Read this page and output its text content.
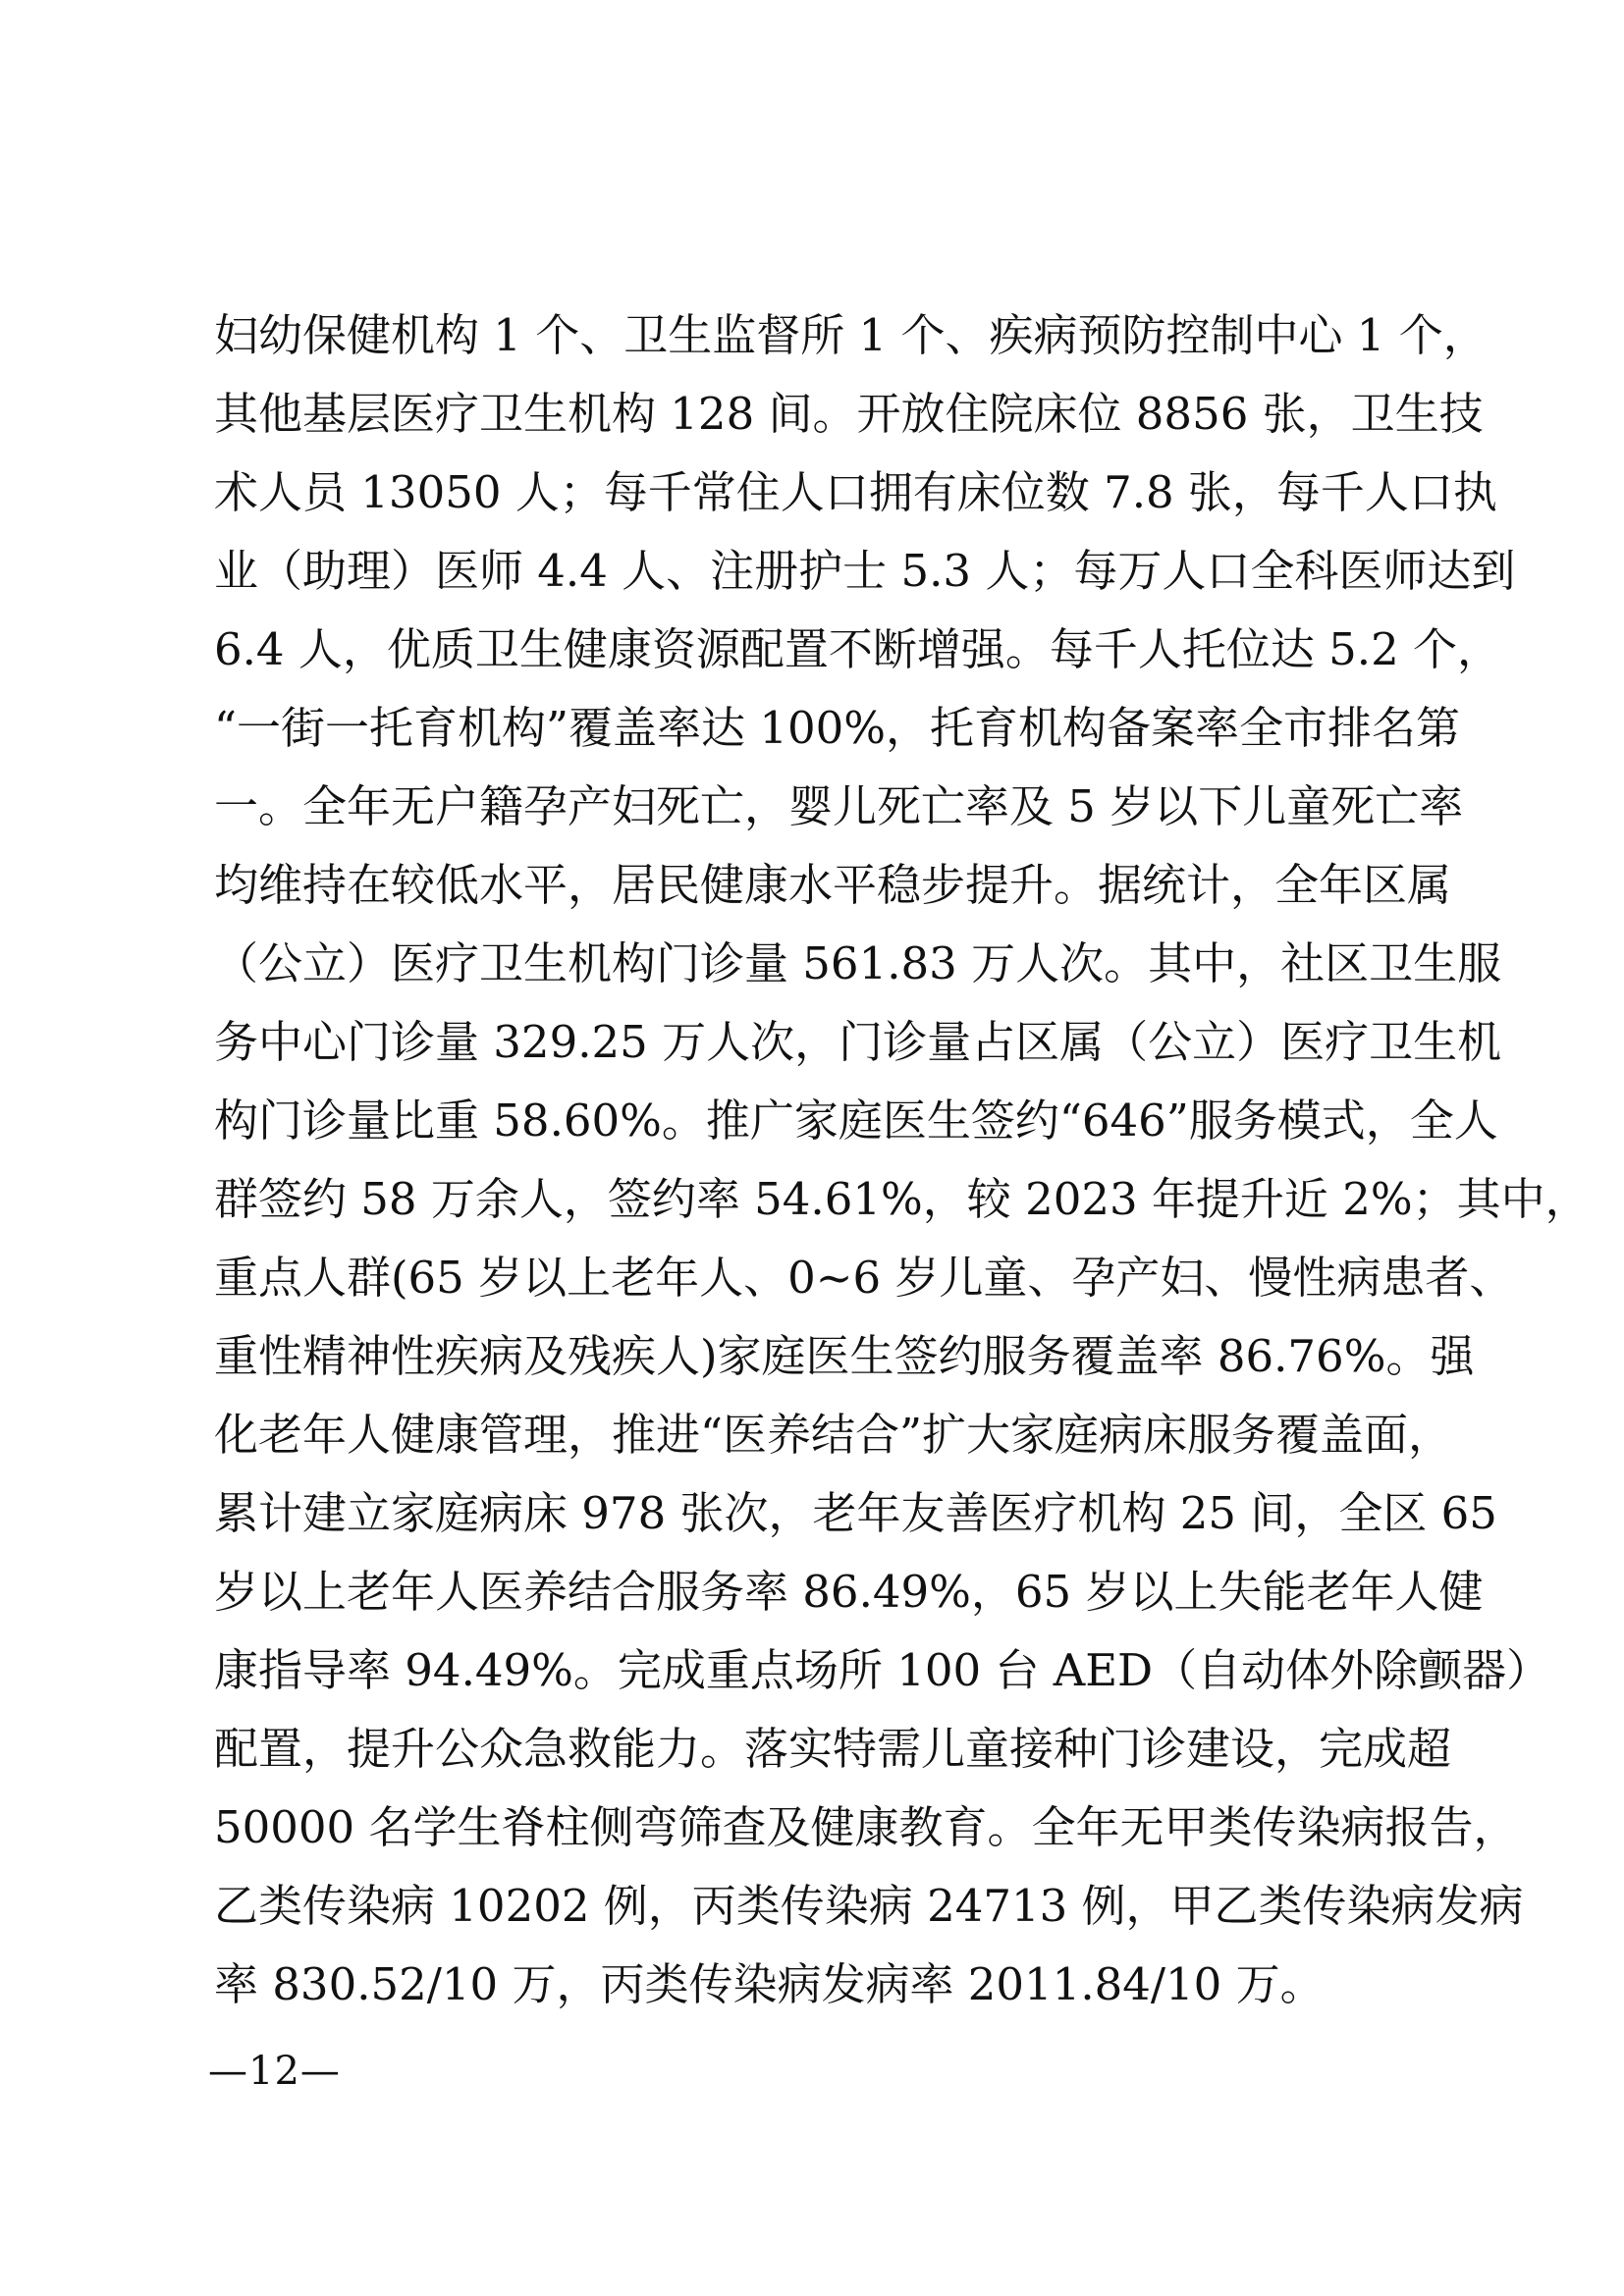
妇幼保健机构 1 个、卫生监督所 1 个、疾病预防控制中心 1 个，
其他基层医疗卫生机构 128 间。开放住院床位 8856 张，卫生技
术人员 13050 人；每千常住人口拥有床位数 7.8 张，每千人口执
业（助理）医师 4.4 人、注册护士 5.3 人；每万人口全科医师达到
6.4 人，优质卫生健康资源配置不断增强。每千人托位达 5.2 个，
“一街一托育机构”覆盖率达 100%，托育机构备案率全市排名第
一。全年无户籍孕产妇死亡，婴儿死亡率及 5 岁以下儿童死亡率
均维持在较低水平，居民健康水平稳步提升。据统计，全年区属
（公立）医疗卫生机构门诊量 561.83 万人次。其中，社区卫生服
务中心门诊量 329.25 万人次，门诊量占区属（公立）医疗卫生机
构门诊量比重 58.60%。推广家庭医生签约“646”服务模式，全人
群签约 58 万余人，签约率 54.61%，较 2023 年提升近 2%；其中，
重点人群(65 岁以上老年人、0~6 岁儿童、孕产妇、慢性病患者、
重性精神性疾病及残疾人)家庭医生签约服务覆盖率 86.76%。强
化老年人健康管理，推进“医养结合”扩大家庭病床服务覆盖面，
累计建立家庭病床 978 张次，老年友善医疗机构 25 间，全区 65
岁以上老年人医养结合服务率 86.49%，65 岁以上失能老年人健
康指导率 94.49%。完成重点场所 100 台 AED（自动体外除颤器）
配置，提升公众急救能力。落实特需儿童接种门诊建设，完成超
50000 名学生脊柱侧弯筛查及健康教育。全年无甲类传染病报告，
乙类传染病 10202 例，丙类传染病 24713 例，甲乙类传染病发病
率 830.52/10 万，丙类传染病发病率 2011.84/10 万。
—12—
